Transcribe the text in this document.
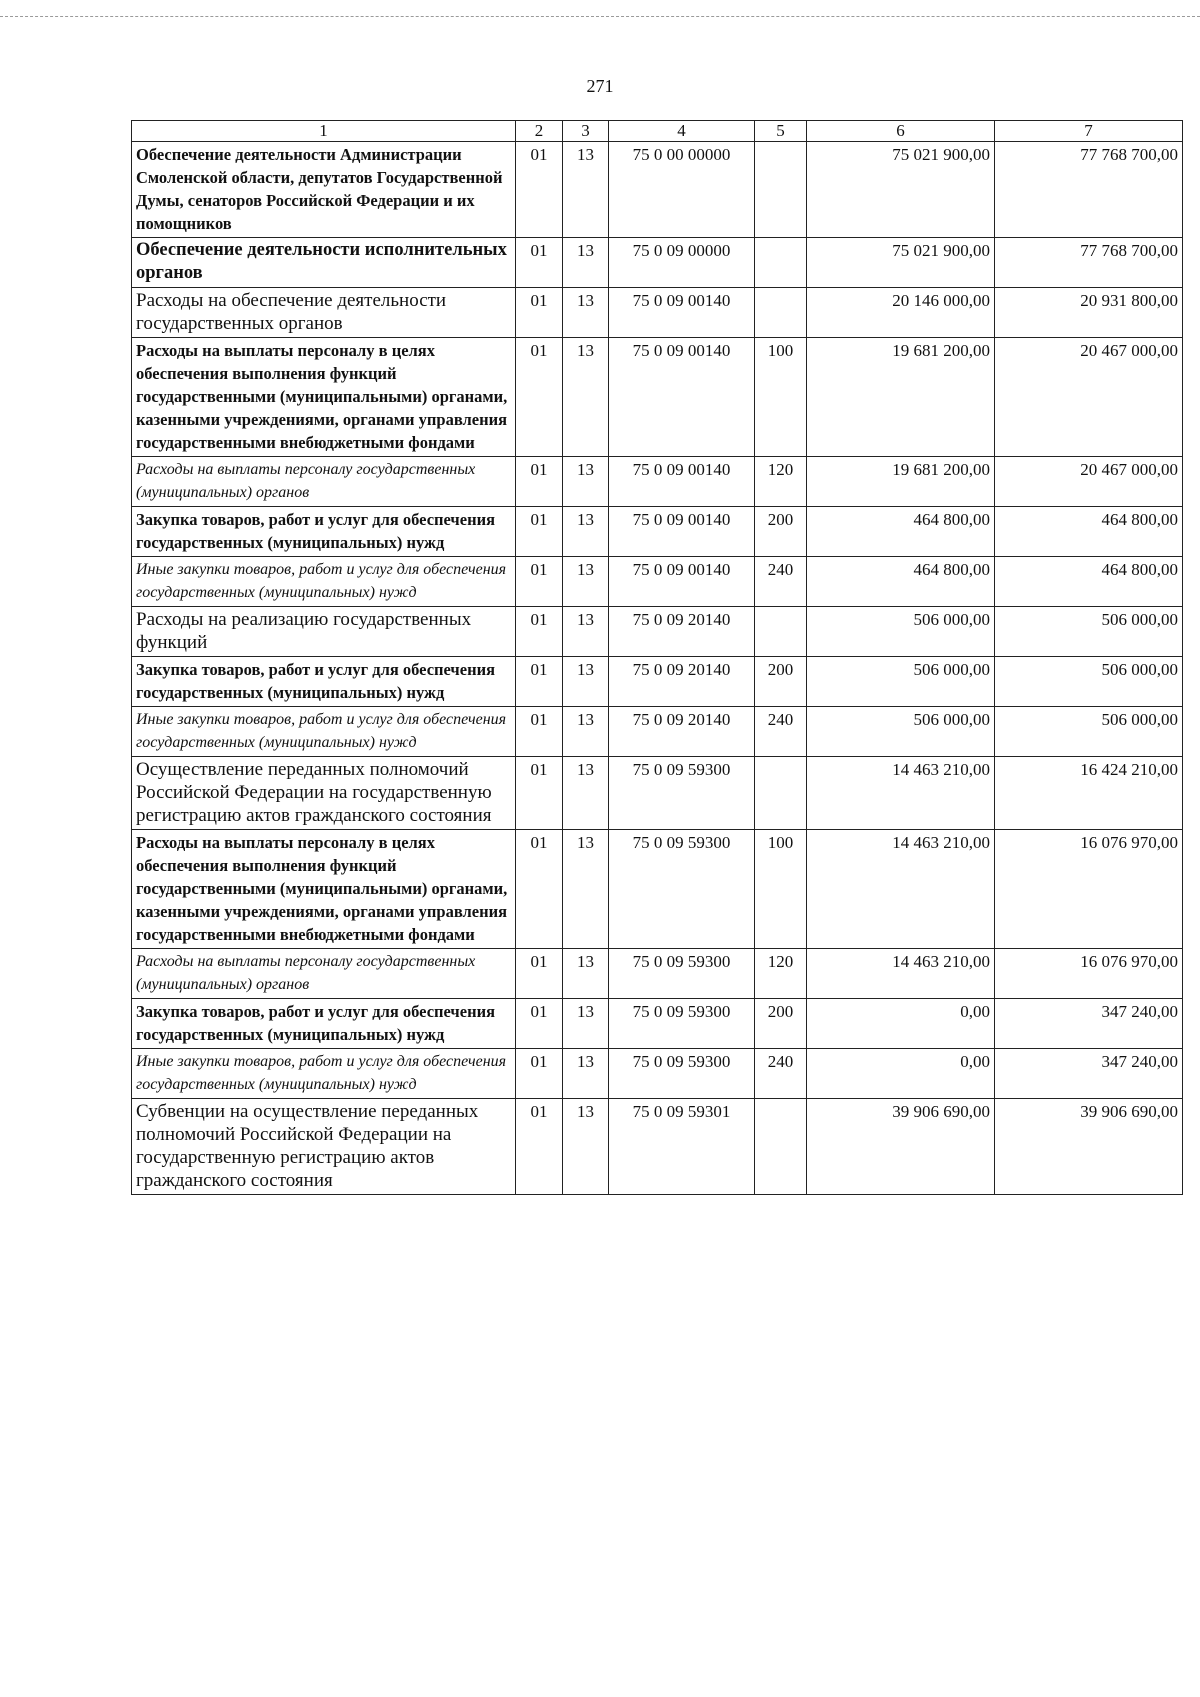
271
1	2	3	4	5	6	7
Обеспечение деятельности Администрации Смоленской области, депутатов Государственной Думы, сенаторов Российской Федерации и их помощников	01	13	75 0 00 00000		75 021 900,00	77 768 700,00
Обеспечение деятельности исполнительных органов	01	13	75 0 09 00000		75 021 900,00	77 768 700,00
Расходы на обеспечение деятельности государственных органов	01	13	75 0 09 00140		20 146 000,00	20 931 800,00
Расходы на выплаты персоналу в целях обеспечения выполнения функций государственными (муниципальными) органами, казенными учреждениями, органами управления государственными внебюджетными фондами	01	13	75 0 09 00140	100	19 681 200,00	20 467 000,00
Расходы на выплаты персоналу государственных (муниципальных) органов	01	13	75 0 09 00140	120	19 681 200,00	20 467 000,00
Закупка товаров, работ и услуг для обеспечения государственных (муниципальных) нужд	01	13	75 0 09 00140	200	464 800,00	464 800,00
Иные закупки товаров, работ и услуг для обеспечения государственных (муниципальных) нужд	01	13	75 0 09 00140	240	464 800,00	464 800,00
Расходы на реализацию государственных функций	01	13	75 0 09 20140		506 000,00	506 000,00
Закупка товаров, работ и услуг для обеспечения государственных (муниципальных) нужд	01	13	75 0 09 20140	200	506 000,00	506 000,00
Иные закупки товаров, работ и услуг для обеспечения государственных (муниципальных) нужд	01	13	75 0 09 20140	240	506 000,00	506 000,00
Осуществление переданных полномочий Российской Федерации на государственную регистрацию актов гражданского состояния	01	13	75 0 09 59300		14 463 210,00	16 424 210,00
Расходы на выплаты персоналу в целях обеспечения выполнения функций государственными (муниципальными) органами, казенными учреждениями, органами управления государственными внебюджетными фондами	01	13	75 0 09 59300	100	14 463 210,00	16 076 970,00
Расходы на выплаты персоналу государственных (муниципальных) органов	01	13	75 0 09 59300	120	14 463 210,00	16 076 970,00
Закупка товаров, работ и услуг для обеспечения государственных (муниципальных) нужд	01	13	75 0 09 59300	200	0,00	347 240,00
Иные закупки товаров, работ и услуг для обеспечения государственных (муниципальных) нужд	01	13	75 0 09 59300	240	0,00	347 240,00
Субвенции на осуществление переданных полномочий Российской Федерации на государственную регистрацию актов гражданского состояния	01	13	75 0 09 59301		39 906 690,00	39 906 690,00
